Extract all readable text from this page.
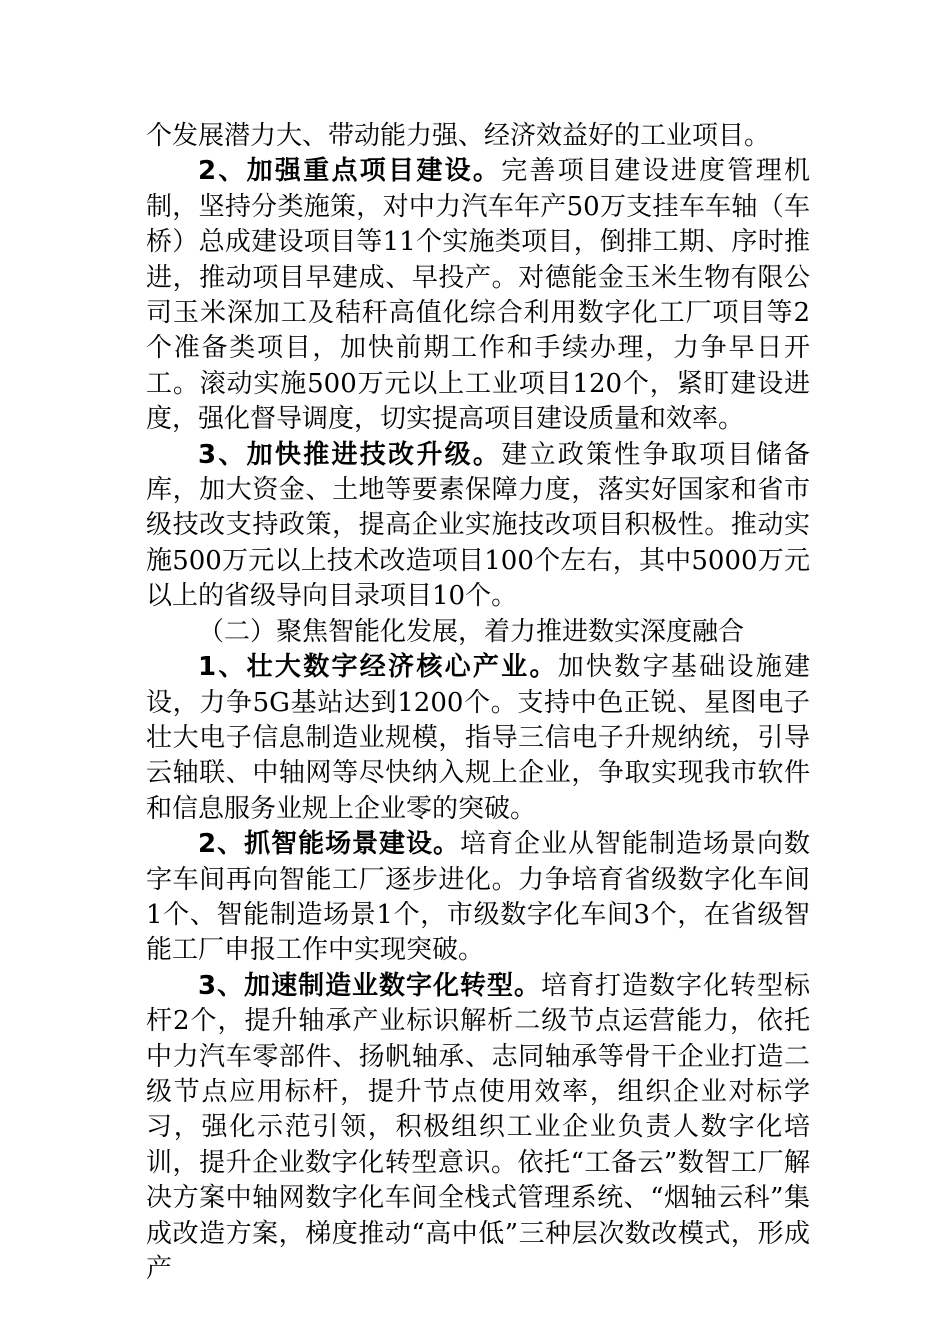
个发展潜力大、带动能力强、经济效益好的工业项目。

2、加强重点项目建设。完善项目建设进度管理机制，坚持分类施策，对中力汽车年产50万支挂车车轴（车桥）总成建设项目等11个实施类项目，倒排工期、序时推进，推动项目早建成、早投产。对德能金玉米生物有限公司玉米深加工及秸秆高值化综合利用数字化工厂项目等2个准备类项目，加快前期工作和手续办理，力争早日开工。滚动实施500万元以上工业项目120个，紧盯建设进度，强化督导调度，切实提高项目建设质量和效率。

3、加快推进技改升级。建立政策性争取项目储备库，加大资金、土地等要素保障力度，落实好国家和省市级技改支持政策，提高企业实施技改项目积极性。推动实施500万元以上技术改造项目100个左右，其中5000万元以上的省级导向目录项目10个。

（二）聚焦智能化发展，着力推进数实深度融合

1、壮大数字经济核心产业。加快数字基础设施建设，力争5G基站达到1200个。支持中色正锐、星图电子壮大电子信息制造业规模，指导三信电子升规纳统，引导云轴联、中轴网等尽快纳入规上企业，争取实现我市软件和信息服务业规上企业零的突破。

2、抓智能场景建设。培育企业从智能制造场景向数字车间再向智能工厂逐步进化。力争培育省级数字化车间1个、智能制造场景1个，市级数字化车间3个，在省级智能工厂申报工作中实现突破。

3、加速制造业数字化转型。培育打造数字化转型标杆2个，提升轴承产业标识解析二级节点运营能力，依托中力汽车零部件、扬帆轴承、志同轴承等骨干企业打造二级节点应用标杆，提升节点使用效率，组织企业对标学习，强化示范引领，积极组织工业企业负责人数字化培训，提升企业数字化转型意识。依托“工备云”数智工厂解决方案中轴网数字化车间全栈式管理系统、“烟轴云科”集成改造方案，梯度推动“高中低”三种层次数改模式，形成产
